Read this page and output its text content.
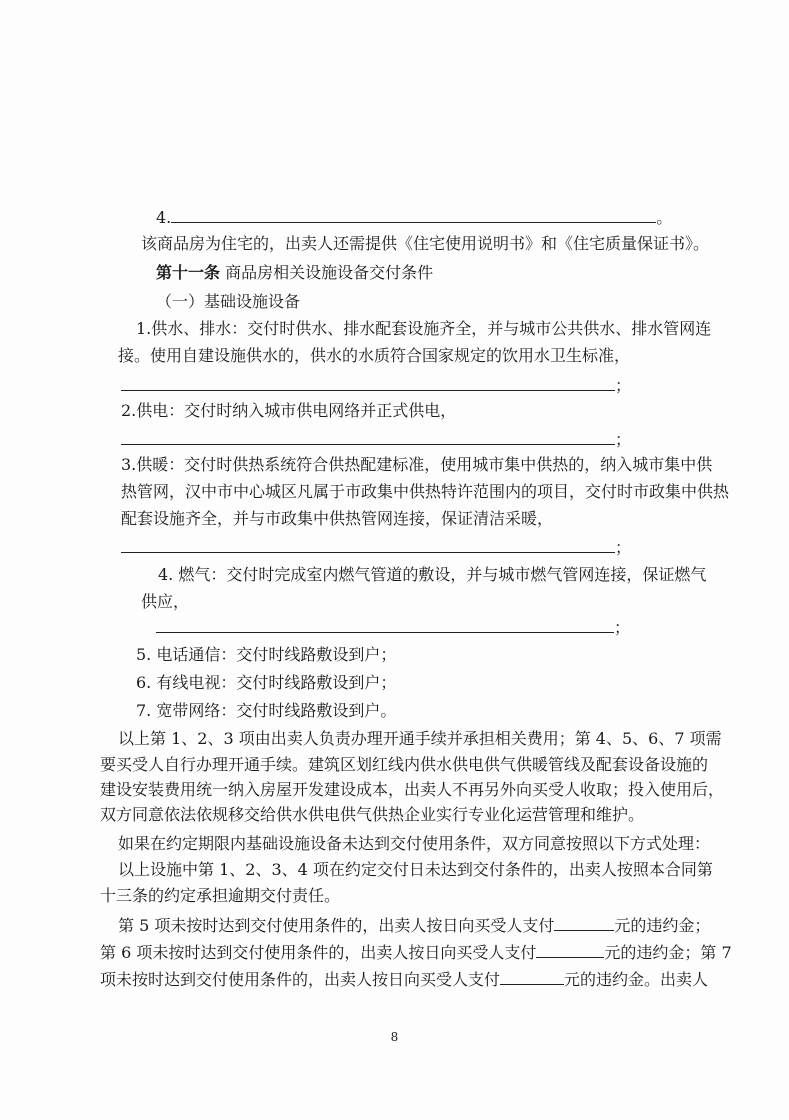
4.	。
该商品房为住宅的，出卖人还需提供《住宅使用说明书》和《住宅质量保证书》。
第十一条 商品房相关设施设备交付条件
（一）基础设施设备
1.供水、排水：交付时供水、排水配套设施齐全，并与城市公共供水、排水管网连
接。使用自建设施供水的，供水的水质符合国家规定的饮用水卫生标准，
；
2.供电：交付时纳入城市供电网络并正式供电，
；
3.供暖：交付时供热系统符合供热配建标准，使用城市集中供热的，纳入城市集中供
热管网，汉中市中心城区凡属于市政集中供热特许范围内的项目，交付时市政集中供热
配套设施齐全，并与市政集中供热管网连接，保证清洁采暖，
；
4. 燃气：交付时完成室内燃气管道的敷设，并与城市燃气管网连接，保证燃气
供应，
；
5. 电话通信：交付时线路敷设到户；
6. 有线电视：交付时线路敷设到户；
7. 宽带网络：交付时线路敷设到户。
以上第 1、2、3 项由出卖人负责办理开通手续并承担相关费用；第 4、5、6、7 项需
要买受人自行办理开通手续。建筑区划红线内供水供电供气供暖管线及配套设备设施的
建设安装费用统一纳入房屋开发建设成本，出卖人不再另外向买受人收取；投入使用后，
双方同意依法依规移交给供水供电供气供热企业实行专业化运营管理和维护。
如果在约定期限内基础设施设备未达到交付使用条件，双方同意按照以下方式处理：
以上设施中第 1、2、3、4 项在约定交付日未达到交付条件的，出卖人按照本合同第
十三条的约定承担逾期交付责任。
第 5 项未按时达到交付使用条件的，出卖人按日向买受人支付	元的违约金；
第 6 项未按时达到交付使用条件的，出卖人按日向买受人支付	元的违约金；第 7
项未按时达到交付使用条件的，出卖人按日向买受人支付	元的违约金。出卖人
8
